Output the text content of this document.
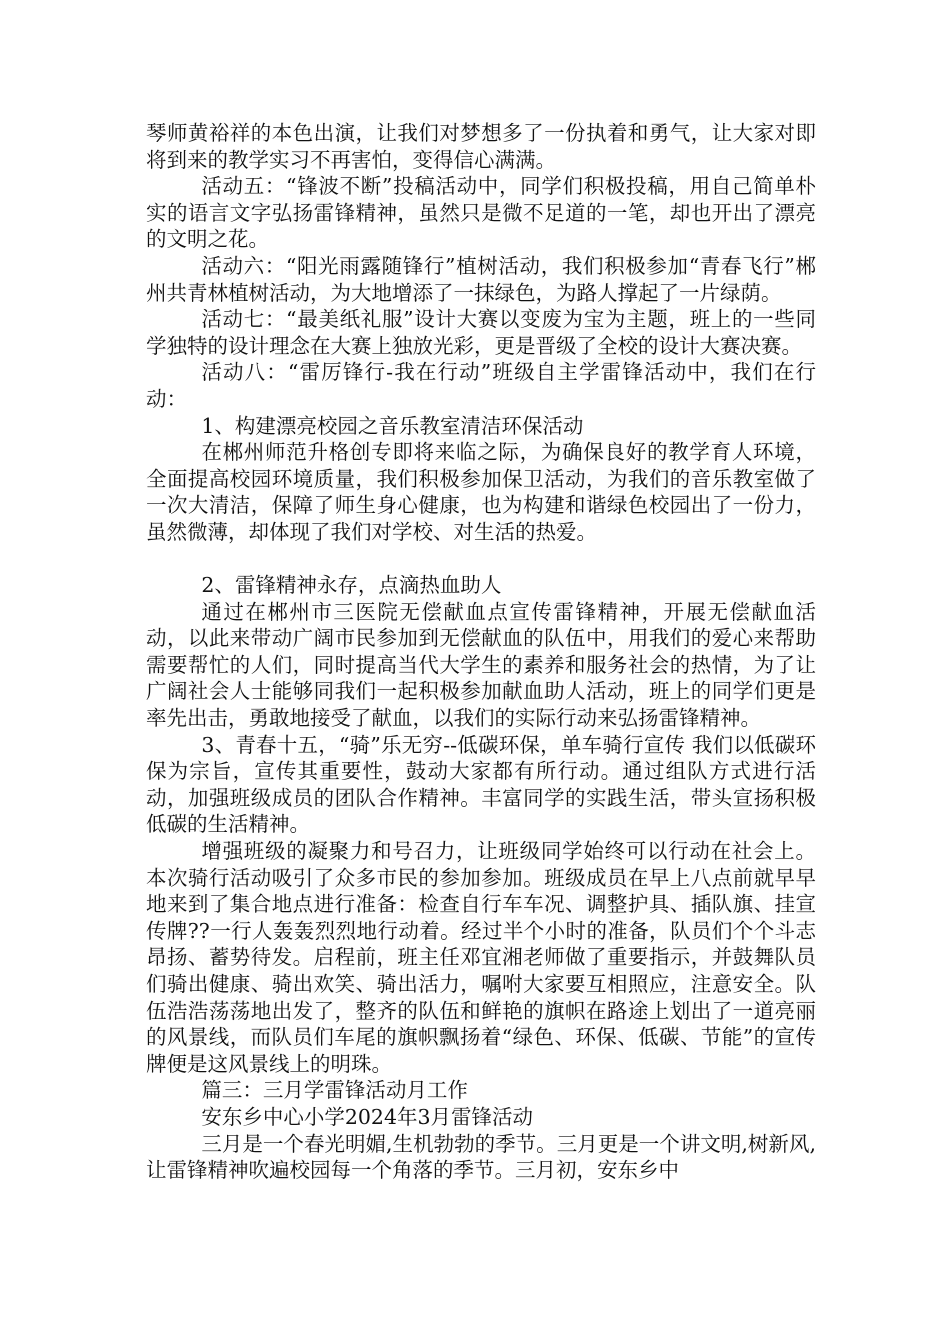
琴师黄裕祥的本色出演，让我们对梦想多了一份执着和勇气，让大家对即将到来的教学实习不再害怕，变得信心满满。

活动五：“锋波不断”投稿活动中，同学们积极投稿，用自己简单朴实的语言文字弘扬雷锋精神，虽然只是微不足道的一笔，却也开出了漂亮的文明之花。

活动六：“阳光雨露随锋行”植树活动，我们积极参加“青春飞行”郴州共青林植树活动，为大地增添了一抹绿色，为路人撑起了一片绿荫。

活动七：“最美纸礼服”设计大赛以变废为宝为主题，班上的一些同学独特的设计理念在大赛上独放光彩，更是晋级了全校的设计大赛决赛。

活动八：“雷厉锋行-我在行动”班级自主学雷锋活动中，我们在行动：

1、构建漂亮校园之音乐教室清洁环保活动

在郴州师范升格创专即将来临之际，为确保良好的教学育人环境，全面提高校园环境质量，我们积极参加保卫活动，为我们的音乐教室做了一次大清洁，保障了师生身心健康，也为构建和谐绿色校园出了一份力，虽然微薄，却体现了我们对学校、对生活的热爱。

2、雷锋精神永存，点滴热血助人

通过在郴州市三医院无偿献血点宣传雷锋精神，开展无偿献血活动，以此来带动广阔市民参加到无偿献血的队伍中，用我们的爱心来帮助需要帮忙的人们，同时提高当代大学生的素养和服务社会的热情，为了让广阔社会人士能够同我们一起积极参加献血助人活动，班上的同学们更是率先出击，勇敢地接受了献血，以我们的实际行动来弘扬雷锋精神。

3、青春十五，“骑”乐无穷--低碳环保，单车骑行宣传 我们以低碳环保为宗旨，宣传其重要性，鼓动大家都有所行动。通过组队方式进行活动，加强班级成员的团队合作精神。丰富同学的实践生活，带头宣扬积极低碳的生活精神。

增强班级的凝聚力和号召力，让班级同学始终可以行动在社会上。本次骑行活动吸引了众多市民的参加参加。班级成员在早上八点前就早早地来到了集合地点进行准备：检查自行车车况、调整护具、插队旗、挂宣传牌??一行人轰轰烈烈地行动着。经过半个小时的准备，队员们个个斗志昂扬、蓄势待发。启程前，班主任邓宜湘老师做了重要指示，并鼓舞队员们骑出健康、骑出欢笑、骑出活力，嘱咐大家要互相照应，注意安全。队伍浩浩荡荡地出发了，整齐的队伍和鲜艳的旗帜在路途上划出了一道亮丽的风景线，而队员们车尾的旗帜飘扬着“绿色、环保、低碳、节能”的宣传牌便是这风景线上的明珠。

篇三：三月学雷锋活动月工作

安东乡中心小学2024年3月雷锋活动

三月是一个春光明媚,生机勃勃的季节。三月更是一个讲文明,树新风,让雷锋精神吹遍校园每一个角落的季节。三月初，安东乡中
